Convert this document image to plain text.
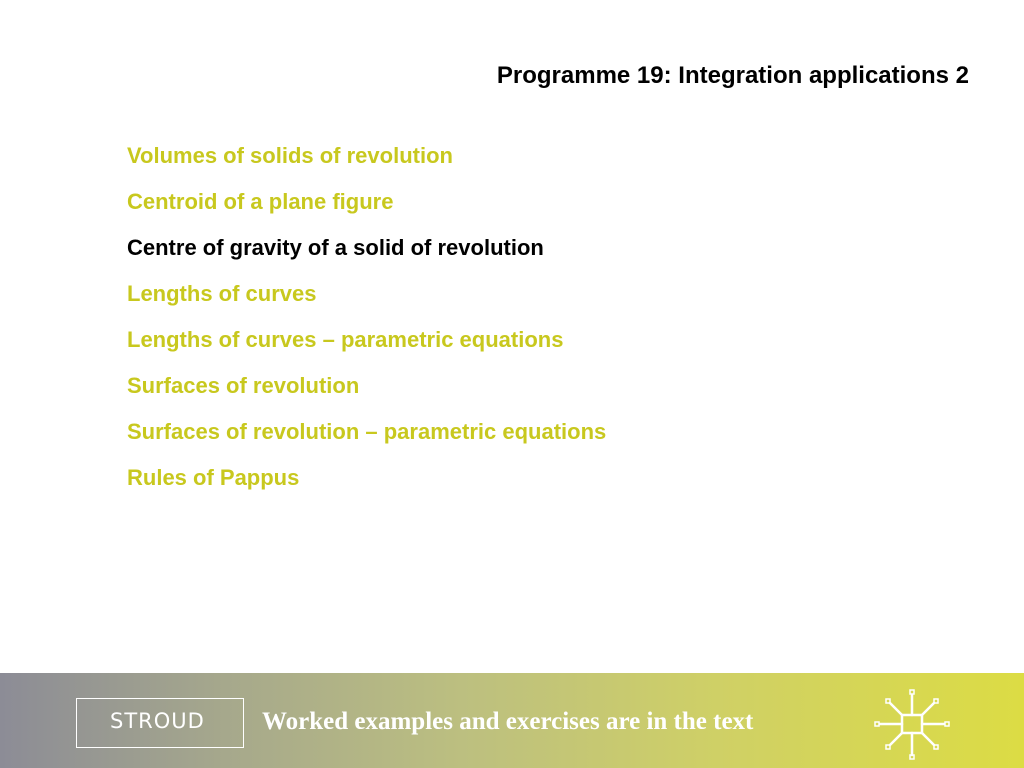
Programme 19: Integration applications 2
Volumes of solids of revolution
Centroid of a plane figure
Centre of gravity of a solid of revolution
Lengths of curves
Lengths of curves – parametric equations
Surfaces of revolution
Surfaces of revolution – parametric equations
Rules of Pappus
STROUD	Worked examples and exercises are in the text
